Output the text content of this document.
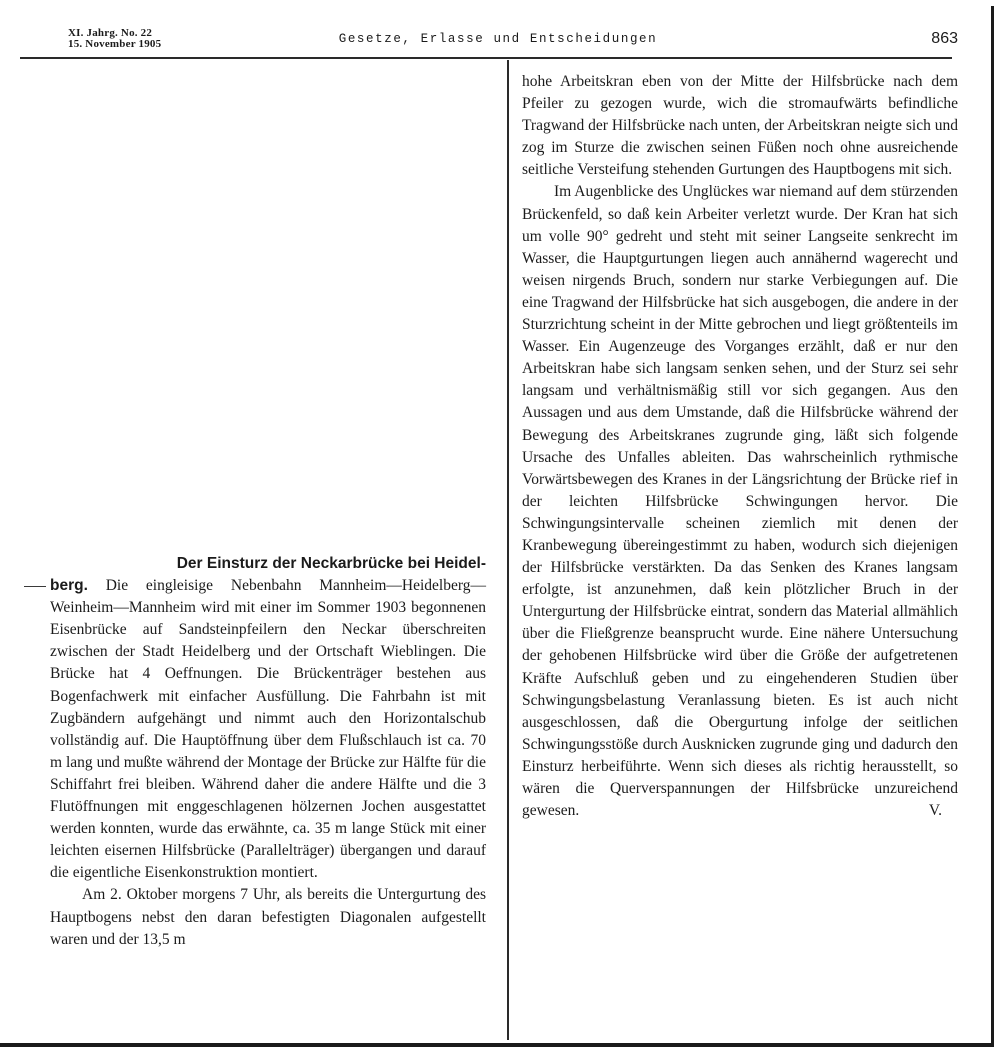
XI. Jahrg. No. 22
15. November 1905	Gesetze, Erlasse und Entscheidungen	863
Der Einsturz der Neckarbrücke bei Heidel-

berg. Die eingleisige Nebenbahn Mannheim—Heidelberg—Weinheim—Mannheim wird mit einer im Sommer 1903 begonnenen Eisenbrücke auf Sandsteinpfeilern den Neckar überschreiten zwischen der Stadt Heidelberg und der Ortschaft Wieblingen. Die Brücke hat 4 Oeffnungen. Die Brückenträger bestehen aus Bogenfachwerk mit einfacher Ausfüllung. Die Fahrbahn ist mit Zugbändern aufgehängt und nimmt auch den Horizontalschub vollständig auf. Die Hauptöffnung über dem Flußschlauch ist ca. 70 m lang und mußte während der Montage der Brücke zur Hälfte für die Schiffahrt frei bleiben. Während daher die andere Hälfte und die 3 Flutöffnungen mit enggeschlagenen hölzernen Jochen ausgestattet werden konnten, wurde das erwähnte, ca. 35 m lange Stück mit einer leichten eisernen Hilfsbrücke (Parallelträger) übergangen und darauf die eigentliche Eisenkonstruktion montiert.

Am 2. Oktober morgens 7 Uhr, als bereits die Untergurtung des Hauptbogens nebst den daran befestigten Diagonalen aufgestellt waren und der 13,5 m

hohe Arbeitskran eben von der Mitte der Hilfsbrücke nach dem Pfeiler zu gezogen wurde, wich die stromaufwärts befindliche Tragwand der Hilfsbrücke nach unten, der Arbeitskran neigte sich und zog im Sturze die zwischen seinen Füßen noch ohne ausreichende seitliche Versteifung stehenden Gurtungen des Hauptbogens mit sich.

Im Augenblicke des Unglückes war niemand auf dem stürzenden Brückenfeld, so daß kein Arbeiter verletzt wurde. Der Kran hat sich um volle 90° gedreht und steht mit seiner Langseite senkrecht im Wasser, die Hauptgurtungen liegen auch annähernd wagerecht und weisen nirgends Bruch, sondern nur starke Verbiegungen auf. Die eine Tragwand der Hilfsbrücke hat sich ausgebogen, die andere in der Sturzrichtung scheint in der Mitte gebrochen und liegt größtenteils im Wasser. Ein Augenzeuge des Vorganges erzählt, daß er nur den Arbeitskran habe sich langsam senken sehen, und der Sturz sei sehr langsam und verhältnismäßig still vor sich gegangen. Aus den Aussagen und aus dem Umstande, daß die Hilfsbrücke während der Bewegung des Arbeitskranes zugrunde ging, läßt sich folgende Ursache des Unfalles ableiten. Das wahrscheinlich rythmische Vorwärtsbewegen des Kranes in der Längsrichtung der Brücke rief in der leichten Hilfsbrücke Schwingungen hervor. Die Schwingungsintervalle scheinen ziemlich mit denen der Kranbewegung übereingestimmt zu haben, wodurch sich diejenigen der Hilfsbrücke verstärkten. Da das Senken des Kranes langsam erfolgte, ist anzunehmen, daß kein plötzlicher Bruch in der Untergurtung der Hilfsbrücke eintrat, sondern das Material allmählich über die Fließgrenze beansprucht wurde. Eine nähere Untersuchung der gehobenen Hilfsbrücke wird über die Größe der aufgetretenen Kräfte Aufschluß geben und zu eingehenderen Studien über Schwingungsbelastung Veranlassung bieten. Es ist auch nicht ausgeschlossen, daß die Obergurtung infolge der seitlichen Schwingungsstöße durch Ausknicken zugrunde ging und dadurch den Einsturz herbeiführte. Wenn sich dieses als richtig herausstellt, so wären die Querverspannungen der Hilfsbrücke unzureichend gewesen.	V.
